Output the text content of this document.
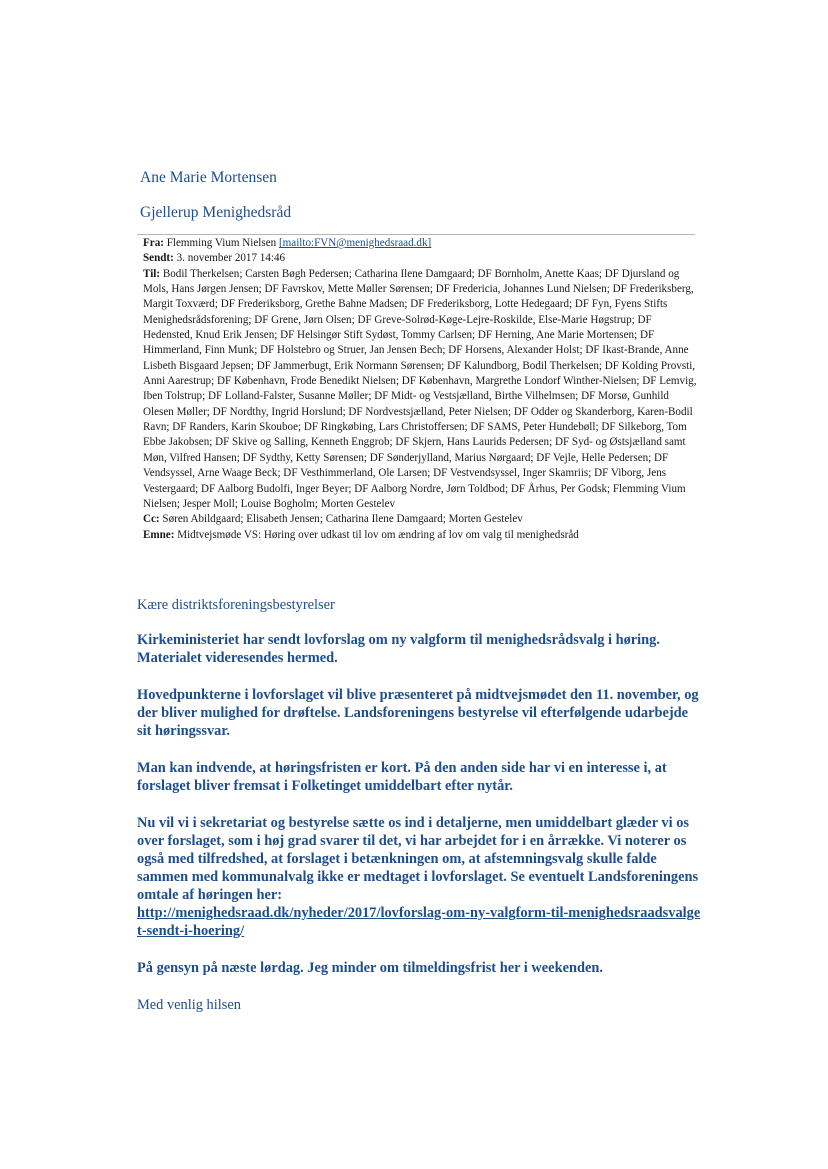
Ane Marie Mortensen
Gjellerup Menighedsråd

Fra: Flemming Vium Nielsen [mailto:FVN@menighedsraad.dk]

Sendt: 3. november 2017 14:46

Til: Bodil Therkelsen; Carsten Bøgh Pedersen; Catharina Ilene Damgaard; DF Bornholm, Anette Kaas; DF Djursland og Mols, Hans Jørgen Jensen; DF Favrskov, Mette Møller Sørensen; DF Fredericia, Johannes Lund Nielsen; DF Frederiksberg, Margit Toxværd; DF Frederiksborg, Grethe Bahne Madsen; DF Frederiksborg, Lotte Hedegaard; DF Fyn, Fyens Stifts Menighedsrådsforening; DF Grene, Jørn Olsen; DF Greve-Solrød-Køge-Lejre-Roskilde, Else-Marie Høgstrup; DF Hedensted, Knud Erik Jensen; DF Helsingør Stift Sydøst, Tommy Carlsen; DF Herning, Ane Marie Mortensen; DF Himmerland, Finn Munk; DF Holstebro og Struer, Jan Jensen Bech; DF Horsens, Alexander Holst; DF Ikast-Brande, Anne Lisbeth Bisgaard Jepsen; DF Jammerbugt, Erik Normann Sørensen; DF Kalundborg, Bodil Therkelsen; DF Kolding Provsti, Anni Aarestrup; DF København, Frode Benedikt Nielsen; DF København, Margrethe Londorf Winther-Nielsen; DF Lemvig, Iben Tolstrup; DF Lolland-Falster, Susanne Møller; DF Midt- og Vestsjælland, Birthe Vilhelmsen; DF Morsø, Gunhild Olesen Møller; DF Nordthy, Ingrid Horslund; DF Nordvestsjælland, Peter Nielsen; DF Odder og Skanderborg, Karen-Bodil Ravn; DF Randers, Karin Skouboe; DF Ringkøbing, Lars Christoffersen; DF SAMS, Peter Hundebøll; DF Silkeborg, Tom Ebbe Jakobsen; DF Skive og Salling, Kenneth Enggrob; DF Skjern, Hans Laurids Pedersen; DF Syd- og Østsjælland samt Møn, Vilfred Hansen; DF Sydthy, Ketty Sørensen; DF Sønderjylland, Marius Nørgaard; DF Vejle, Helle Pedersen; DF Vendsyssel, Arne Waage Beck; DF Vesthimmerland, Ole Larsen; DF Vestvendsyssel, Inger Skamriis; DF Viborg, Jens Vestergaard; DF Aalborg Budolfi, Inger Beyer; DF Aalborg Nordre, Jørn Toldbod; DF Århus, Per Godsk; Flemming Vium Nielsen; Jesper Moll; Louise Bogholm; Morten Gestelev

Cc: Søren Abildgaard; Elisabeth Jensen; Catharina Ilene Damgaard; Morten Gestelev

Emne: Midtvejsmøde VS: Høring over udkast til lov om ændring af lov om valg til menighedsråd

Kære distriktsforeningsbestyrelser

Kirkeministeriet har sendt lovforslag om ny valgform til menighedsrådsvalg i høring. Materialet videresendes hermed.

Hovedpunkterne i lovforslaget vil blive præsenteret på midtvejsmødet den 11. november, og der bliver mulighed for drøftelse. Landsforeningens bestyrelse vil efterfølgende udarbejde sit høringssvar.

Man kan indvende, at høringsfristen er kort. På den anden side har vi en interesse i, at forslaget bliver fremsat i Folketinget umiddelbart efter nytår.

Nu vil vi i sekretariat og bestyrelse sætte os ind i detaljerne, men umiddelbart glæder vi os over forslaget, som i høj grad svarer til det, vi har arbejdet for i en årrække. Vi noterer os også med tilfredshed, at forslaget i betænkningen om, at afstemningsvalg skulle falde sammen med kommunalvalg ikke er medtaget i lovforslaget. Se eventuelt Landsforeningens omtale af høringen her:
http://menighedsraad.dk/nyheder/2017/lovforslag-om-ny-valgform-til-menighedsraadsvalget-sendt-i-hoering/

På gensyn på næste lørdag. Jeg minder om tilmeldingsfrist her i weekenden.

Med venlig hilsen
